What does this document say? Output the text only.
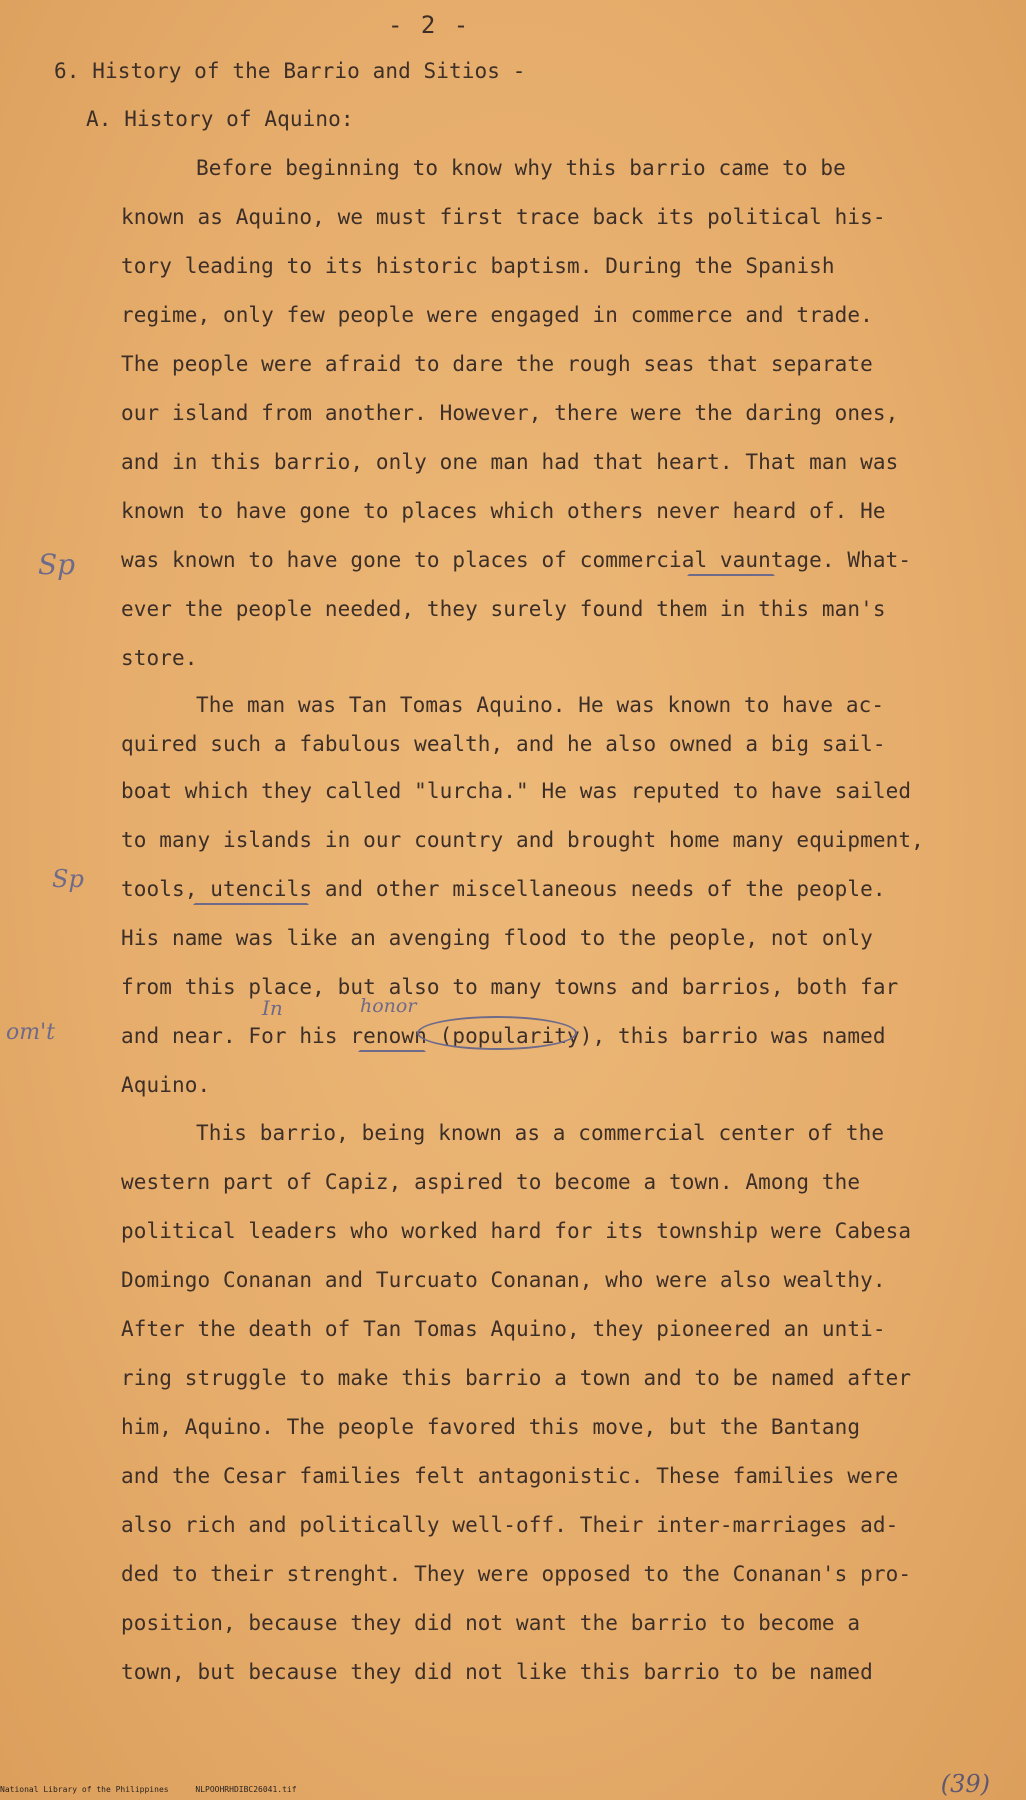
- 2 -
6. History of the Barrio and Sitios -
A. History of Aquino:
Before beginning to know why this barrio came to be
known as Aquino, we must first trace back its political his-
tory leading to its historic baptism. During the Spanish
regime, only few people were engaged in commerce and trade.
The people were afraid to dare the rough seas that separate
our island from another. However, there were the daring ones,
and in this barrio, only one man had that heart. That man was
known to have gone to places which others never heard of. He
was known to have gone to places of commercial vauntage. What-
ever the people needed, they surely found them in this man's
store.
The man was Tan Tomas Aquino. He was known to have ac-
quired such a fabulous wealth, and he also owned a big sail-
boat which they called "lurcha." He was reputed to have sailed
to many islands in our country and brought home many equipment,
tools, utencils and other miscellaneous needs of the people.
His name was like an avenging flood to the people, not only
from this place, but also to many towns and barrios, both far
and near. For his renown (popularity), this barrio was named
Aquino.
This barrio, being known as a commercial center of the
western part of Capiz, aspired to become a town. Among the
political leaders who worked hard for its township were Cabesa
Domingo Conanan and Turcuato Conanan, who were also wealthy.
After the death of Tan Tomas Aquino, they pioneered an unti-
ring struggle to make this barrio a town and to be named after
him, Aquino. The people favored this move, but the Bantang
and the Cesar families felt antagonistic. These families were
also rich and politically well-off. Their inter-marriages ad-
ded to their strenght. They were opposed to the Conanan's pro-
position, because they did not want the barrio to become a
town, but because they did not like this barrio to be named
Sp
Sp
om't
In	honor
(39)
National Library of the Philippines	NLPOOHRHDIBC26041.tif
